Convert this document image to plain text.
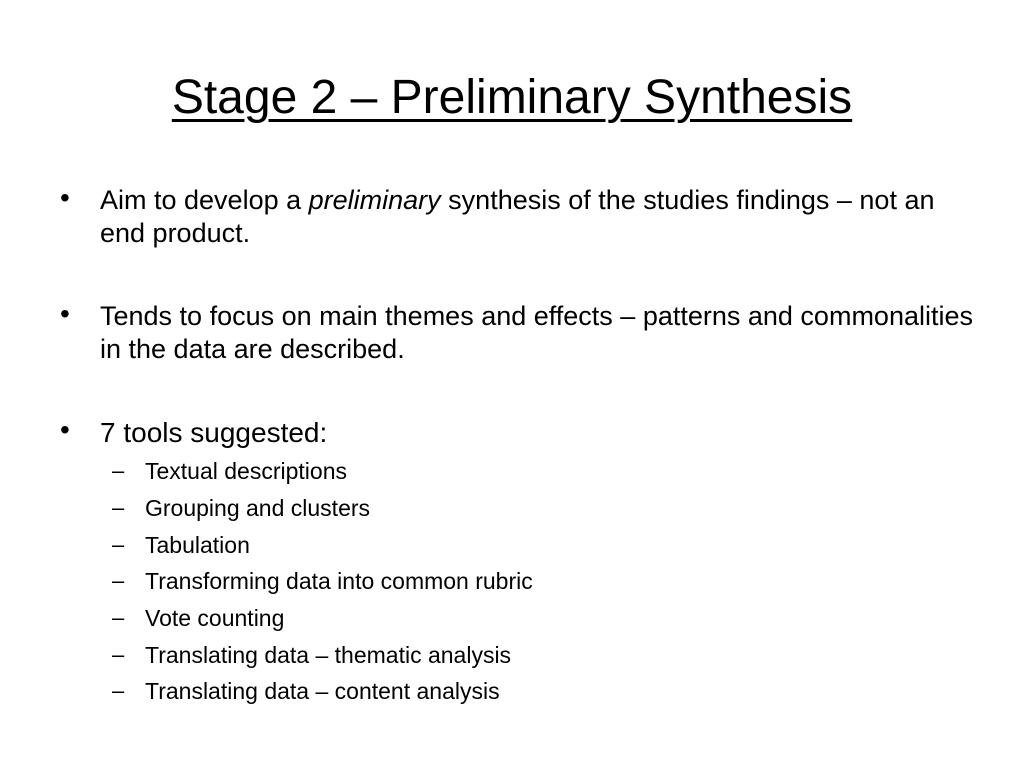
Stage 2 – Preliminary Synthesis
• Aim to develop a preliminary synthesis of the studies findings – not an end product.
• Tends to focus on main themes and effects – patterns and commonalities in the data are described.
• 7 tools suggested:
– Textual descriptions
– Grouping and clusters
– Tabulation
– Transforming data into common rubric
– Vote counting
– Translating data – thematic analysis
– Translating data – content analysis
